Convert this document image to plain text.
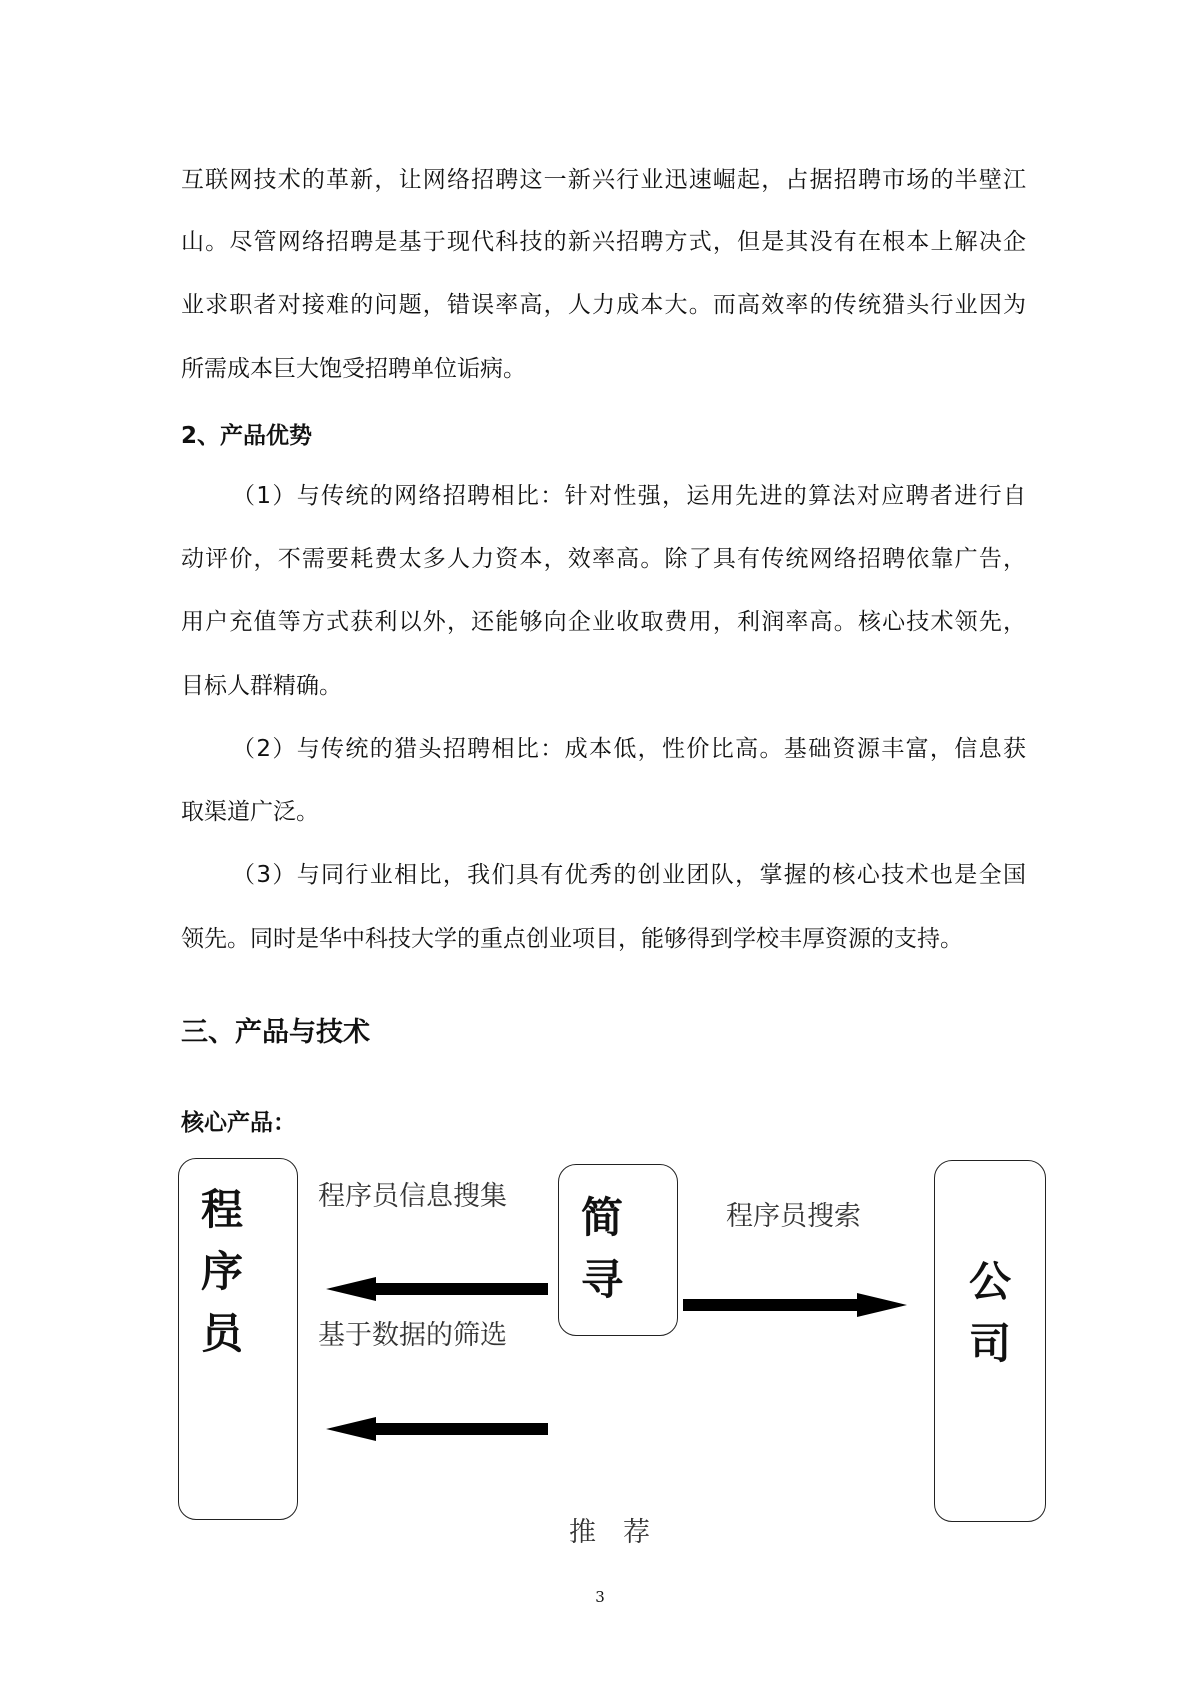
互联网技术的革新，让网络招聘这一新兴行业迅速崛起，占据招聘市场的半壁江
山。尽管网络招聘是基于现代科技的新兴招聘方式，但是其没有在根本上解决企
业求职者对接难的问题，错误率高，人力成本大。而高效率的传统猎头行业因为
所需成本巨大饱受招聘单位诟病。
2、产品优势
（1）与传统的网络招聘相比：针对性强，运用先进的算法对应聘者进行自
动评价，不需要耗费太多人力资本，效率高。除了具有传统网络招聘依靠广告，
用户充值等方式获利以外，还能够向企业收取费用，利润率高。核心技术领先，
目标人群精确。
（2）与传统的猎头招聘相比：成本低，性价比高。基础资源丰富，信息获
取渠道广泛。
（3）与同行业相比，我们具有优秀的创业团队，掌握的核心技术也是全国
领先。同时是华中科技大学的重点创业项目，能够得到学校丰厚资源的支持。
三、产品与技术
核心产品：
程
序
员
简
寻	公
司
程序员信息搜集
基于数据的筛选
程序员搜索
推　荐
3
